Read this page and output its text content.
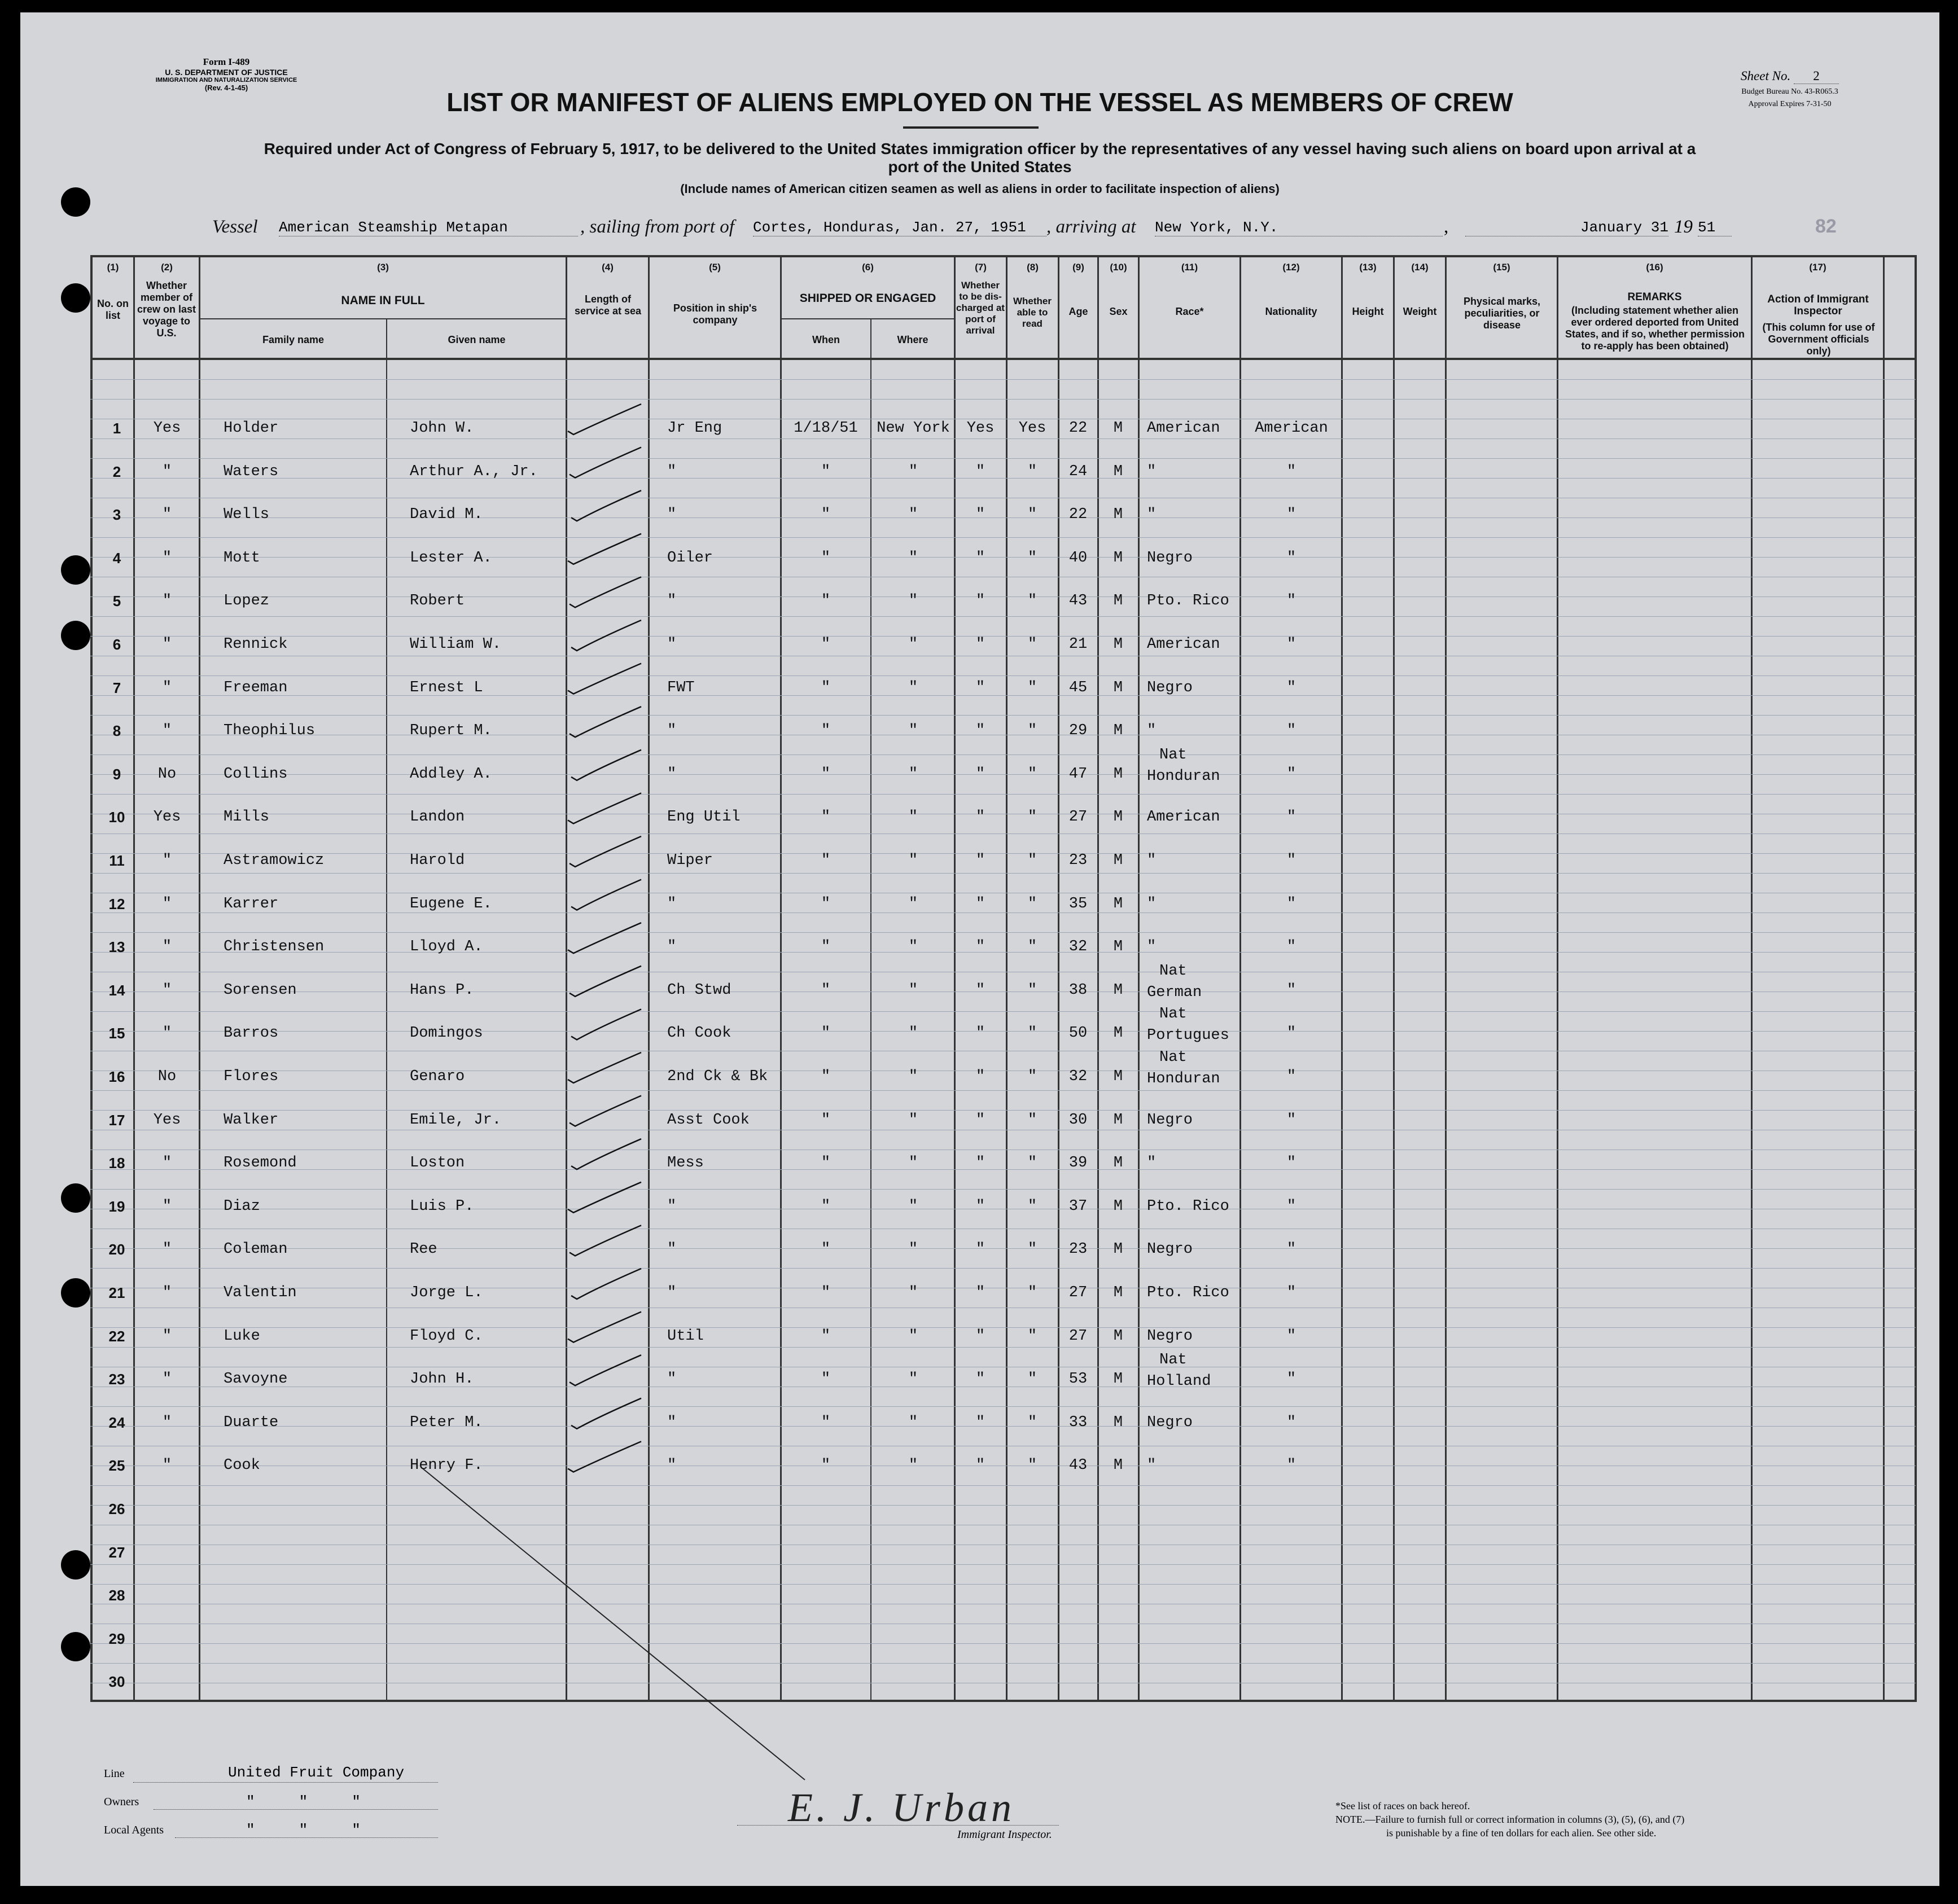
Form I-489
U. S. DEPARTMENT OF JUSTICE
IMMIGRATION AND NATURALIZATION SERVICE
(Rev. 4-1-45)
Sheet No. 2
Budget Bureau No. 43-R065.3
Approval Expires 7-31-50
LIST OR MANIFEST OF ALIENS EMPLOYED ON THE VESSEL AS MEMBERS OF CREW
Required under Act of Congress of February 5, 1917, to be delivered to the United States immigration officer by the representatives of any vessel having such aliens on board upon arrival at a
port of the United States
(Include names of American citizen seamen as well as aliens in order to facilitate inspection of aliens)
Vessel American Steamship Metapan	, sailing from port of Cortes, Honduras, Jan. 27, 1951	, arriving at New York, N.Y.	,	January 31 19 51	82
(1)	(2)	(3)	(4)	(5)	(6)	(7)	(8)	(9)	(10)	(11)	(12)	(13)	(14)	(15)	(16)	(17)
No. on list
Whether member of crew on last voyage to U.S.
NAME IN FULL
Family name	Given name
Length of service at sea	Position in ship's company
SHIPPED OR ENGAGED
When	Where
Whether to be dis-charged at port of arrival
Whether able to read
Age	Sex	Race*	Nationality	Height	Weight
Physical marks, peculiarities, or disease
REMARKS
(Including statement whether alien ever ordered deported from United States, and if so, whether permission to re-apply has been obtained)
Action of Immigrant Inspector
(This column for use of Government officials only)
Line	United Fruit Company
Owners	"     "     "
Local Agents	"     "     "	E. J. Urban
Immigrant Inspector.
*See list of races on back hereof.
NOTE.—Failure to furnish full or correct information in columns (3), (5), (6), and (7)
is punishable by a fine of ten dollars for each alien. See other side.
1	Yes	Holder	John W.	Jr Eng	1/18/51	New York	Yes	Yes	22	M	American	American
2	"	Waters	Arthur A., Jr.	"	"	"	"	"	24	M	"	"
3	"	Wells	David M.	"	"	"	"	"	22	M	"	"
4	"	Mott	Lester A.	Oiler	"	"	"	"	40	M	Negro	"
5	"	Lopez	Robert	"	"	"	"	"	43	M	Pto. Rico	"
6	"	Rennick	William W.	"	"	"	"	"	21	M	American	"
7	"	Freeman	Ernest L	FWT	"	"	"	"	45	M	Negro	"
8	"	Theophilus	Rupert M.	"	"	"	"	"	29	M	"	"
9	No	Collins	Addley A.	"	"	"	"	"	47	M	Honduran	"
Nat
10	Yes	Mills	Landon	Eng Util	"	"	"	"	27	M	American	"
11	"	Astramowicz	Harold	Wiper	"	"	"	"	23	M	"	"
12	"	Karrer	Eugene E.	"	"	"	"	"	35	M	"	"
13	"	Christensen	Lloyd A.	"	"	"	"	"	32	M	"	"
14	"	Sorensen	Hans P.	Ch Stwd	"	"	"	"	38	M	German	"
Nat
15	"	Barros	Domingos	Ch Cook	"	"	"	"	50	M	Portugues	"
Nat
16	No	Flores	Genaro	2nd Ck & Bk	"	"	"	"	32	M	Honduran	"
Nat
17	Yes	Walker	Emile, Jr.	Asst Cook	"	"	"	"	30	M	Negro	"
18	"	Rosemond	Loston	Mess	"	"	"	"	39	M	"	"
19	"	Diaz	Luis P.	"	"	"	"	"	37	M	Pto. Rico	"
20	"	Coleman	Ree	"	"	"	"	"	23	M	Negro	"
21	"	Valentin	Jorge L.	"	"	"	"	"	27	M	Pto. Rico	"
22	"	Luke	Floyd C.	Util	"	"	"	"	27	M	Negro	"
23	"	Savoyne	John H.	"	"	"	"	"	53	M	Holland	"
Nat
24	"	Duarte	Peter M.	"	"	"	"	"	33	M	Negro	"
25	"	Cook	Henry F.	"	"	"	"	"	43	M	"	"
26
27
28
29
30
